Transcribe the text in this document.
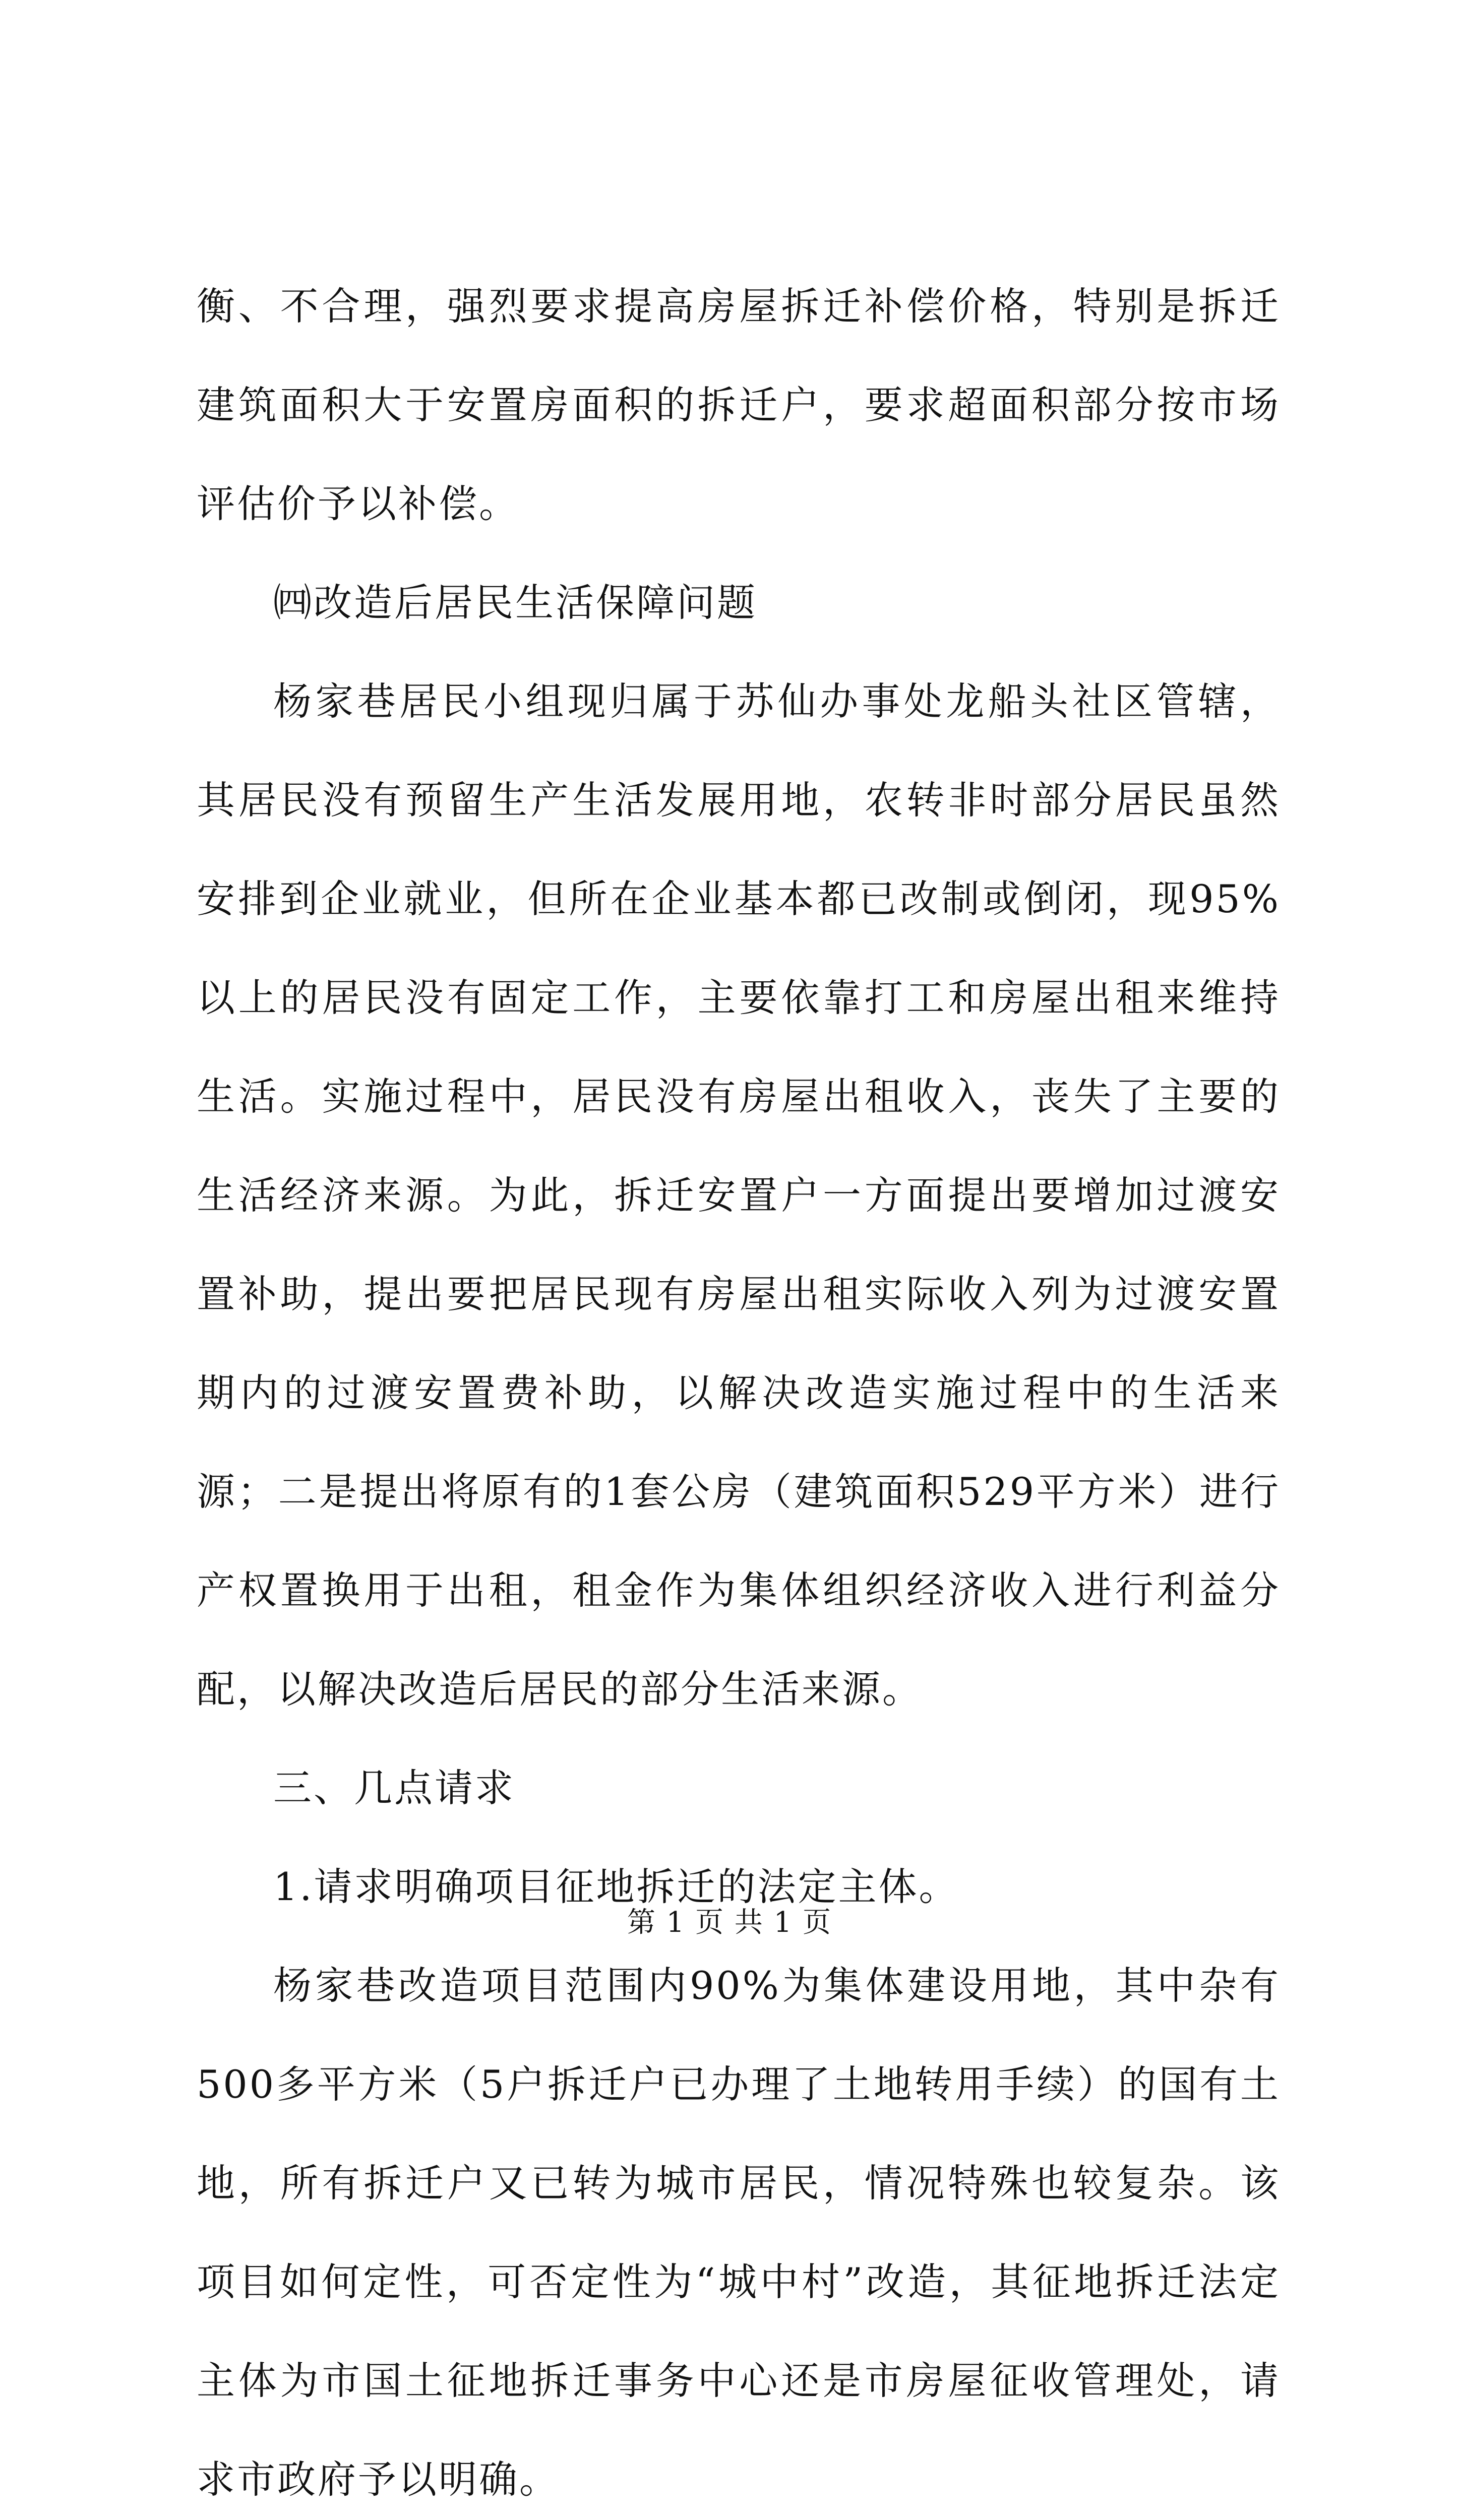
衡、不合理，强烈要求提高房屋拆迁补偿价格，特别是拆迁建筑面积大于安置房面积的拆迁户，要求超面积部分按市场评估价予以补偿。

㈣改造后居民生活保障问题

杨家巷居民小组现归属于苏仙办事处龙船头社区管辖，其居民没有预留生产生活发展用地，农转非时部分居民虽然安排到企业就业，但所在企业基本都已改制或倒闭，现95%以上的居民没有固定工作，主要依靠打工和房屋出租来维持生活。实施过程中，居民没有房屋出租收入，丧失了主要的生活经济来源。为此，拆迁安置户一方面提出要增加过渡安置补助，提出要把居民现有房屋出租实际收入列为过渡安置期内的过渡安置费补助，以解决改造实施过程中的生活来源；二是提出将原有的1套公房（建筑面积529平方米）进行产权置换用于出租，租金作为集体组织经济收入进行利益分配，以解决改造后居民的部分生活来源。

三、几点请求

1.请求明确项目征地拆迁的法定主体。

杨家巷改造项目范围内90%为集体建设用地，其中杂有500多平方米（5户拆迁户已办理了土地转用手续）的国有土地，所有拆迁户又已转为城市居民，情况特殊也较复杂。该项目如何定性，可否定性为“城中村”改造，其征地拆迁法定主体为市国土征地拆迁事务中心还是市房屋征收管理处，请求市政府予以明确。

第 1 页 共 1 页
